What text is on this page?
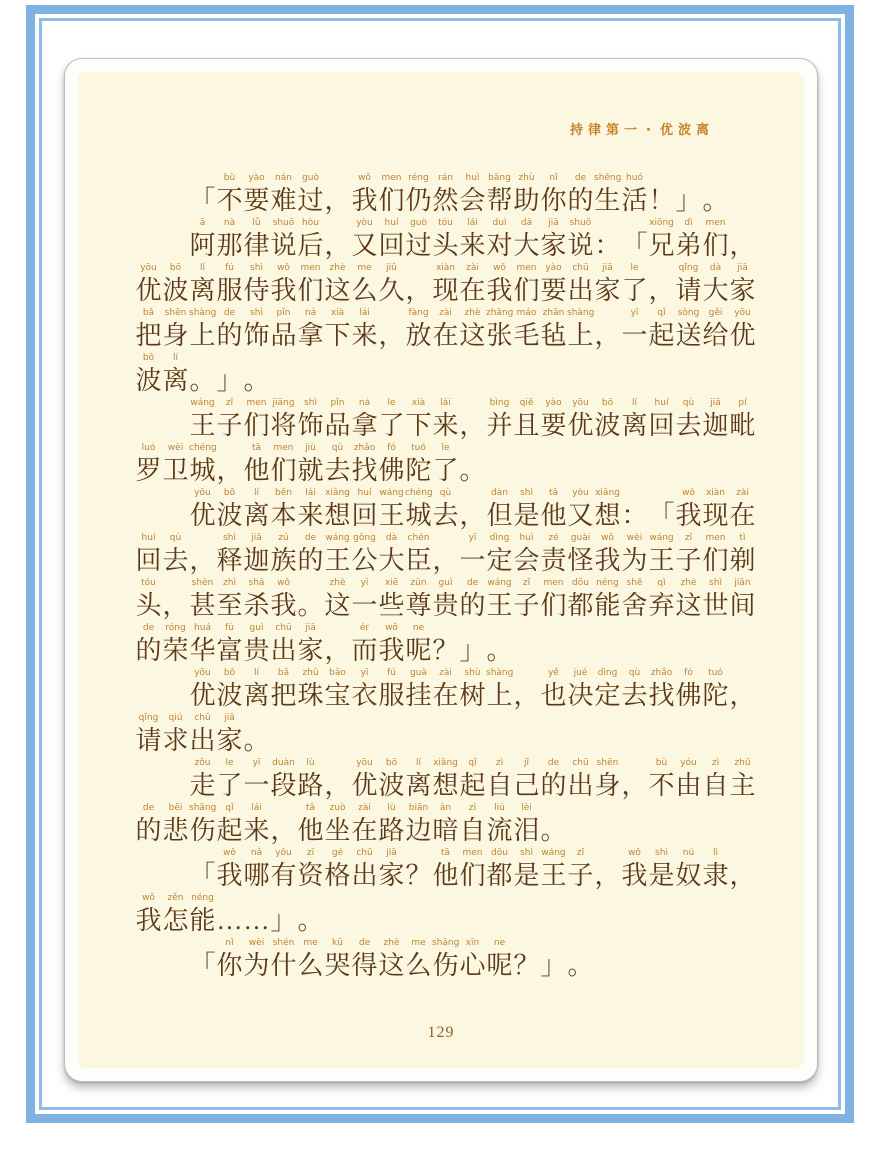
持律第一・优波离

「
bù
不
yào
要
nán
难
guò
过
，
wǒ
我
men
们
réng
仍
rán
然
huì
会
bāng
帮
zhù
助
nǐ
你
de
的
shēng
生
huó
活
！
」
。
ā
阿
nà
那
lǜ
律
shuō
说
hòu
后
，
yòu
又
huí
回
guò
过
tóu
头
lái
来
duì
对
dà
大
jiā
家
shuō
说
：
「
xiōng
兄
dì
弟
men
们
，
yōu
优
bō
波
lí
离
fú
服
shì
侍
wǒ
我
men
们
zhè
这
me
么
jiǔ
久
，
xiàn
现
zài
在
wǒ
我
men
们
yào
要
chū
出
jiā
家
le
了
，
qǐng
请
dà
大
jiā
家
bǎ
把
shēn
身
shàng
上
de
的
shì
饰
pǐn
品
ná
拿
xià
下
lái
来
，
fàng
放
zài
在
zhè
这
zhāng
张
máo
毛
zhān
毡
shàng
上
，
yī
一
qǐ
起
sòng
送
gěi
给
yōu
优
bō
波
lí
离
。
」
。
wáng
王
zǐ
子
men
们
jiāng
将
shì
饰
pǐn
品
ná
拿
le
了
xià
下
lái
来
，
bìng
并
qiě
且
yào
要
yōu
优
bō
波
lí
离
huí
回
qù
去
jiā
迦
pí
毗
luó
罗
wèi
卫
chéng
城
，
tā
他
men
们
jiù
就
qù
去
zhǎo
找
fó
佛
tuó
陀
le
了
。
yōu
优
bō
波
lí
离
běn
本
lái
来
xiǎng
想
huí
回
wáng
王
chéng
城
qù
去
，
dàn
但
shì
是
tā
他
yòu
又
xiǎng
想
：
「
wǒ
我
xiàn
现
zài
在
huí
回
qù
去
，
shì
释
jiā
迦
zú
族
de
的
wáng
王
gōng
公
dà
大
chén
臣
，
yī
一
dìng
定
huì
会
zé
责
guài
怪
wǒ
我
wèi
为
wáng
王
zǐ
子
men
们
tì
剃
tóu
头
，
shèn
甚
zhì
至
shā
杀
wǒ
我
。
zhè
这
yī
一
xiē
些
zūn
尊
guì
贵
de
的
wáng
王
zǐ
子
men
们
dōu
都
néng
能
shě
舍
qì
弃
zhè
这
shì
世
jiān
间
de
的
róng
荣
huá
华
fù
富
guì
贵
chū
出
jiā
家
，
ér
而
wǒ
我
ne
呢
？
」
。
yōu
优
bō
波
lí
离
bǎ
把
zhū
珠
bǎo
宝
yī
衣
fú
服
guà
挂
zài
在
shù
树
shàng
上
，
yě
也
jué
决
dìng
定
qù
去
zhǎo
找
fó
佛
tuó
陀
，
qǐng
请
qiú
求
chū
出
jiā
家
。
zǒu
走
le
了
yī
一
duàn
段
lù
路
，
yōu
优
bō
波
lí
离
xiǎng
想
qǐ
起
zì
自
jǐ
己
de
的
chū
出
shēn
身
，
bù
不
yóu
由
zì
自
zhǔ
主
de
的
bēi
悲
shāng
伤
qǐ
起
lái
来
，
tā
他
zuò
坐
zài
在
lù
路
biān
边
àn
暗
zì
自
liú
流
lèi
泪
。

「
wǒ
我
nǎ
哪
yǒu
有
zī
资
gé
格
chū
出
jiā
家
？
tā
他
men
们
dōu
都
shì
是
wáng
王
zǐ
子
，
wǒ
我
shì
是
nú
奴
lì
隶
，
wǒ
我
zěn
怎
néng
能
…
…
」
。

「
nǐ
你
wèi
为
shén
什
me
么
kū
哭
de
得
zhè
这
me
么
shāng
伤
xīn
心
ne
呢
？
」
。
129
